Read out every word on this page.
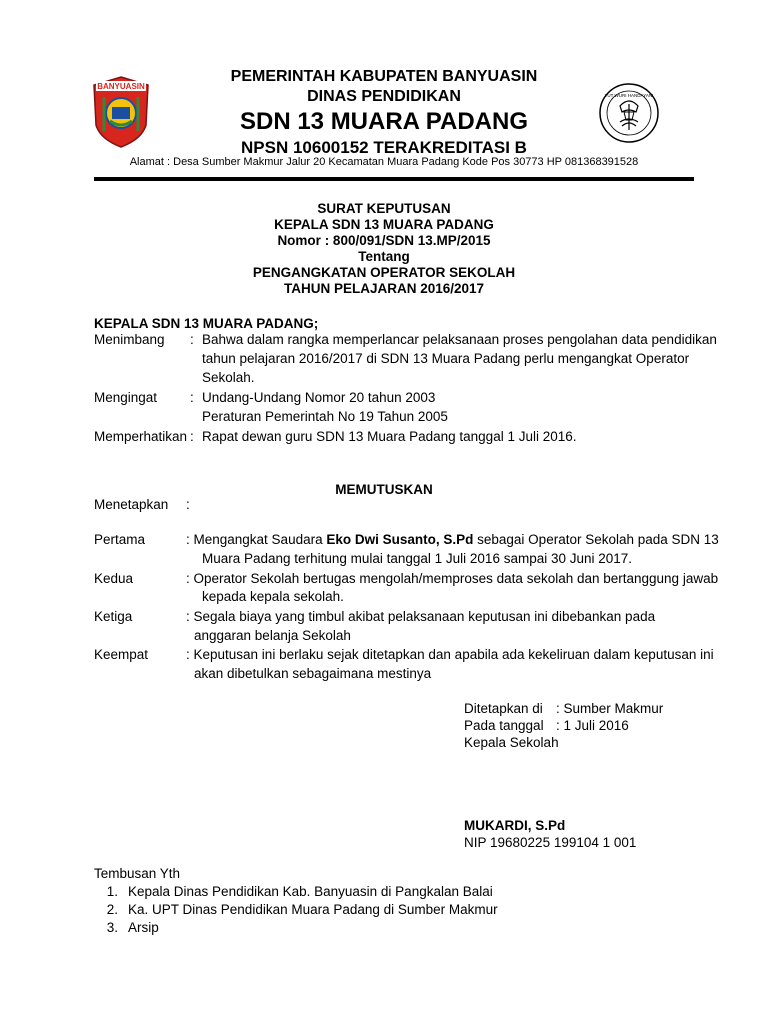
BANYUASIN
TUT WURI HANDAYANI
PEMERINTAH KABUPATEN BANYUASIN
DINAS PENDIDIKAN
SDN 13 MUARA PADANG
NPSN 10600152 TERAKREDITASI B
Alamat : Desa Sumber Makmur Jalur 20 Kecamatan Muara Padang Kode Pos 30773 HP 081368391528
SURAT KEPUTUSAN
KEPALA SDN 13 MUARA PADANG
Nomor : 800/091/SDN 13.MP/2015
Tentang
PENGANGKATAN OPERATOR SEKOLAH
TAHUN PELAJARAN 2016/2017
KEPALA SDN 13 MUARA PADANG;
Menimbang : Bahwa dalam rangka memperlancar pelaksanaan proses pengolahan data pendidikan
tahun pelajaran 2016/2017 di SDN 13 Muara Padang perlu mengangkat Operator
Sekolah.
Mengingat : Undang-Undang Nomor 20 tahun 2003
Peraturan Pemerintah No 19 Tahun 2005
Memperhatikan : Rapat dewan guru SDN 13 Muara Padang tanggal 1 Juli 2016.
MEMUTUSKAN
Menetapkan :
Pertama	: Mengangkat Saudara Eko Dwi Susanto, S.Pd sebagai Operator Sekolah pada SDN 13
Muara Padang terhitung mulai tanggal 1 Juli 2016 sampai 30 Juni 2017.
Kedua	: Operator Sekolah bertugas mengolah/memproses data sekolah dan bertanggung jawab
kepada kepala sekolah.
Ketiga	: Segala biaya yang timbul akibat pelaksanaan keputusan ini dibebankan pada
anggaran belanja Sekolah
Keempat	: Keputusan ini berlaku sejak ditetapkan dan apabila ada kekeliruan dalam keputusan ini
akan dibetulkan sebagaimana mestinya
Ditetapkan di : Sumber Makmur
Pada tanggal : 1 Juli 2016
Kepala Sekolah
MUKARDI, S.Pd
NIP 19680225 199104 1 001
Tembusan Yth
1. Kepala Dinas Pendidikan Kab. Banyuasin di Pangkalan Balai
2. Ka. UPT Dinas Pendidikan Muara Padang di Sumber Makmur
3. Arsip
